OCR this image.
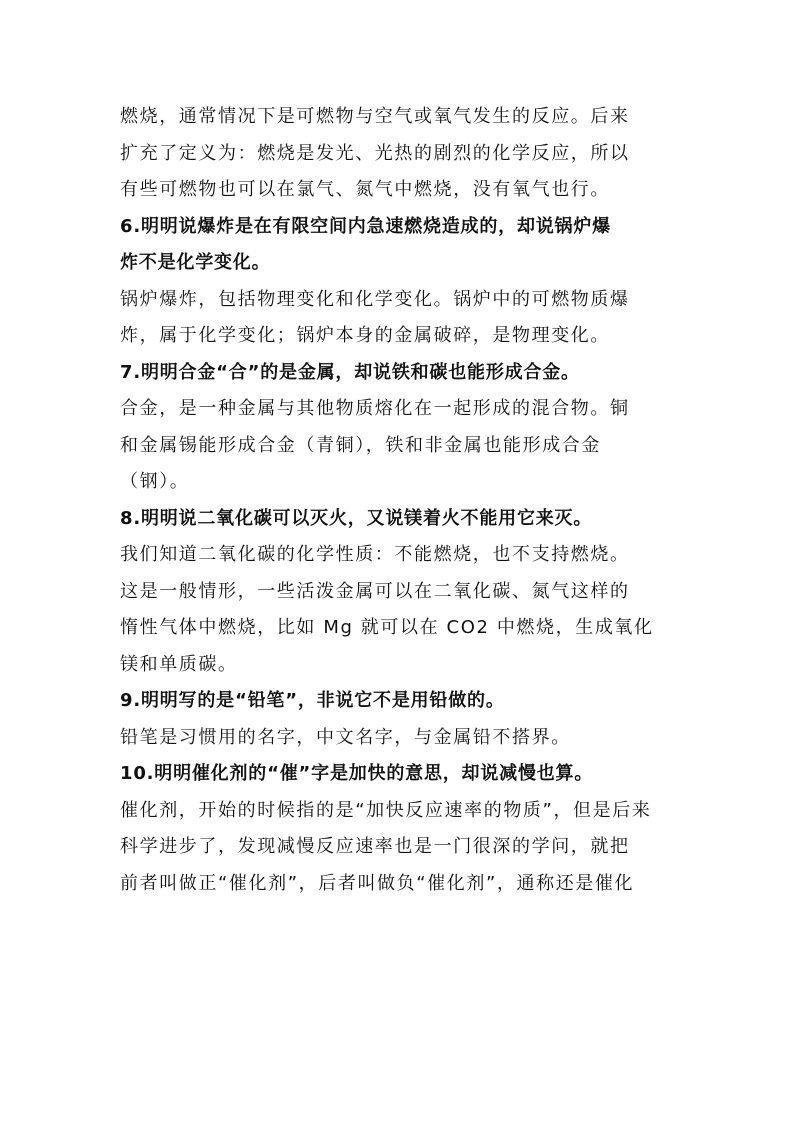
燃烧，通常情况下是可燃物与空气或氧气发生的反应。后来
扩充了定义为：燃烧是发光、光热的剧烈的化学反应，所以
有些可燃物也可以在氯气、氮气中燃烧，没有氧气也行。
6.明明说爆炸是在有限空间内急速燃烧造成的，却说锅炉爆
炸不是化学变化。
锅炉爆炸，包括物理变化和化学变化。锅炉中的可燃物质爆
炸，属于化学变化；锅炉本身的金属破碎，是物理变化。
7.明明合金“合”的是金属，却说铁和碳也能形成合金。
合金，是一种金属与其他物质熔化在一起形成的混合物。铜
和金属锡能形成合金（青铜），铁和非金属也能形成合金
（钢）。
8.明明说二氧化碳可以灭火，又说镁着火不能用它来灭。
我们知道二氧化碳的化学性质：不能燃烧，也不支持燃烧。
这是一般情形，一些活泼金属可以在二氧化碳、氮气这样的
惰性气体中燃烧，比如 Mg 就可以在 CO2 中燃烧，生成氧化
镁和单质碳。
9.明明写的是“铅笔”，非说它不是用铅做的。
铅笔是习惯用的名字，中文名字，与金属铅不搭界。
10.明明催化剂的“催”字是加快的意思，却说减慢也算。
催化剂，开始的时候指的是“加快反应速率的物质”，但是后来
科学进步了，发现减慢反应速率也是一门很深的学问，就把
前者叫做正“催化剂”，后者叫做负“催化剂”，通称还是催化
